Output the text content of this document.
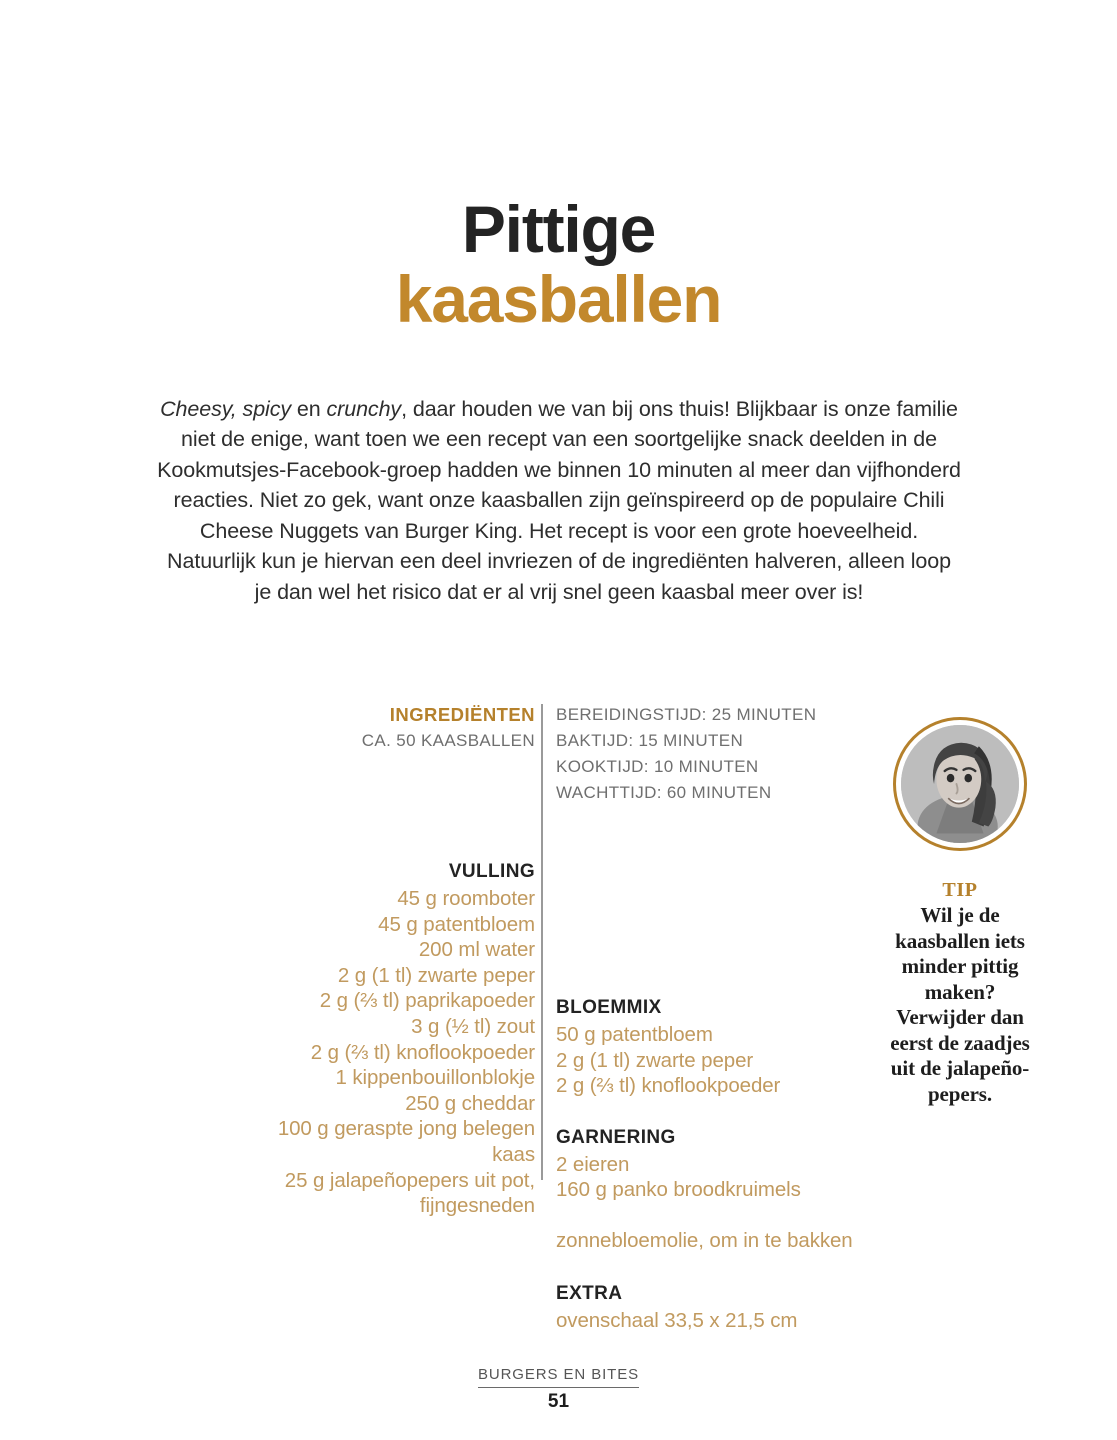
Pittige
kaasballen

Cheesy, spicy en crunchy, daar houden we van bij ons thuis! Blijkbaar is onze familie niet de enige, want toen we een recept van een soortgelijke snack deelden in de Kookmutsjes-Facebook-groep hadden we binnen 10 minuten al meer dan vijfhonderd reacties. Niet zo gek, want onze kaasballen zijn geïnspireerd op de populaire Chili Cheese Nuggets van Burger King. Het recept is voor een grote hoeveelheid. Natuurlijk kun je hiervan een deel invriezen of de ingrediënten halveren, alleen loop je dan wel het risico dat er al vrij snel geen kaasbal meer over is!

INGREDIËNTEN
CA. 50 KAASBALLEN
VULLING
45 g roomboter
45 g patentbloem
200 ml water
2 g (1 tl) zwarte peper
2 g (⅔ tl) paprikapoeder
3 g (½ tl) zout
2 g (⅔ tl) knoflookpoeder
1 kippenbouillonblokje
250 g cheddar
100 g geraspte jong belegen kaas
25 g jalapeñopepers uit pot, fijngesneden
BEREIDINGSTIJD: 25 MINUTEN
BAKTIJD: 15 MINUTEN
KOOKTIJD: 10 MINUTEN
WACHTTIJD: 60 MINUTEN
BLOEMMIX
50 g patentbloem
2 g (1 tl) zwarte peper
2 g (⅔ tl) knoflookpoeder
GARNERING
2 eieren
160 g panko broodkruimels
zonnebloemolie, om in te bakken
EXTRA
ovenschaal 33,5 x 21,5 cm
TIP
Wil je de kaasballen iets minder pittig maken? Verwijder dan eerst de zaadjes uit de jalapeño-pepers.
BURGERS EN BITES
51
